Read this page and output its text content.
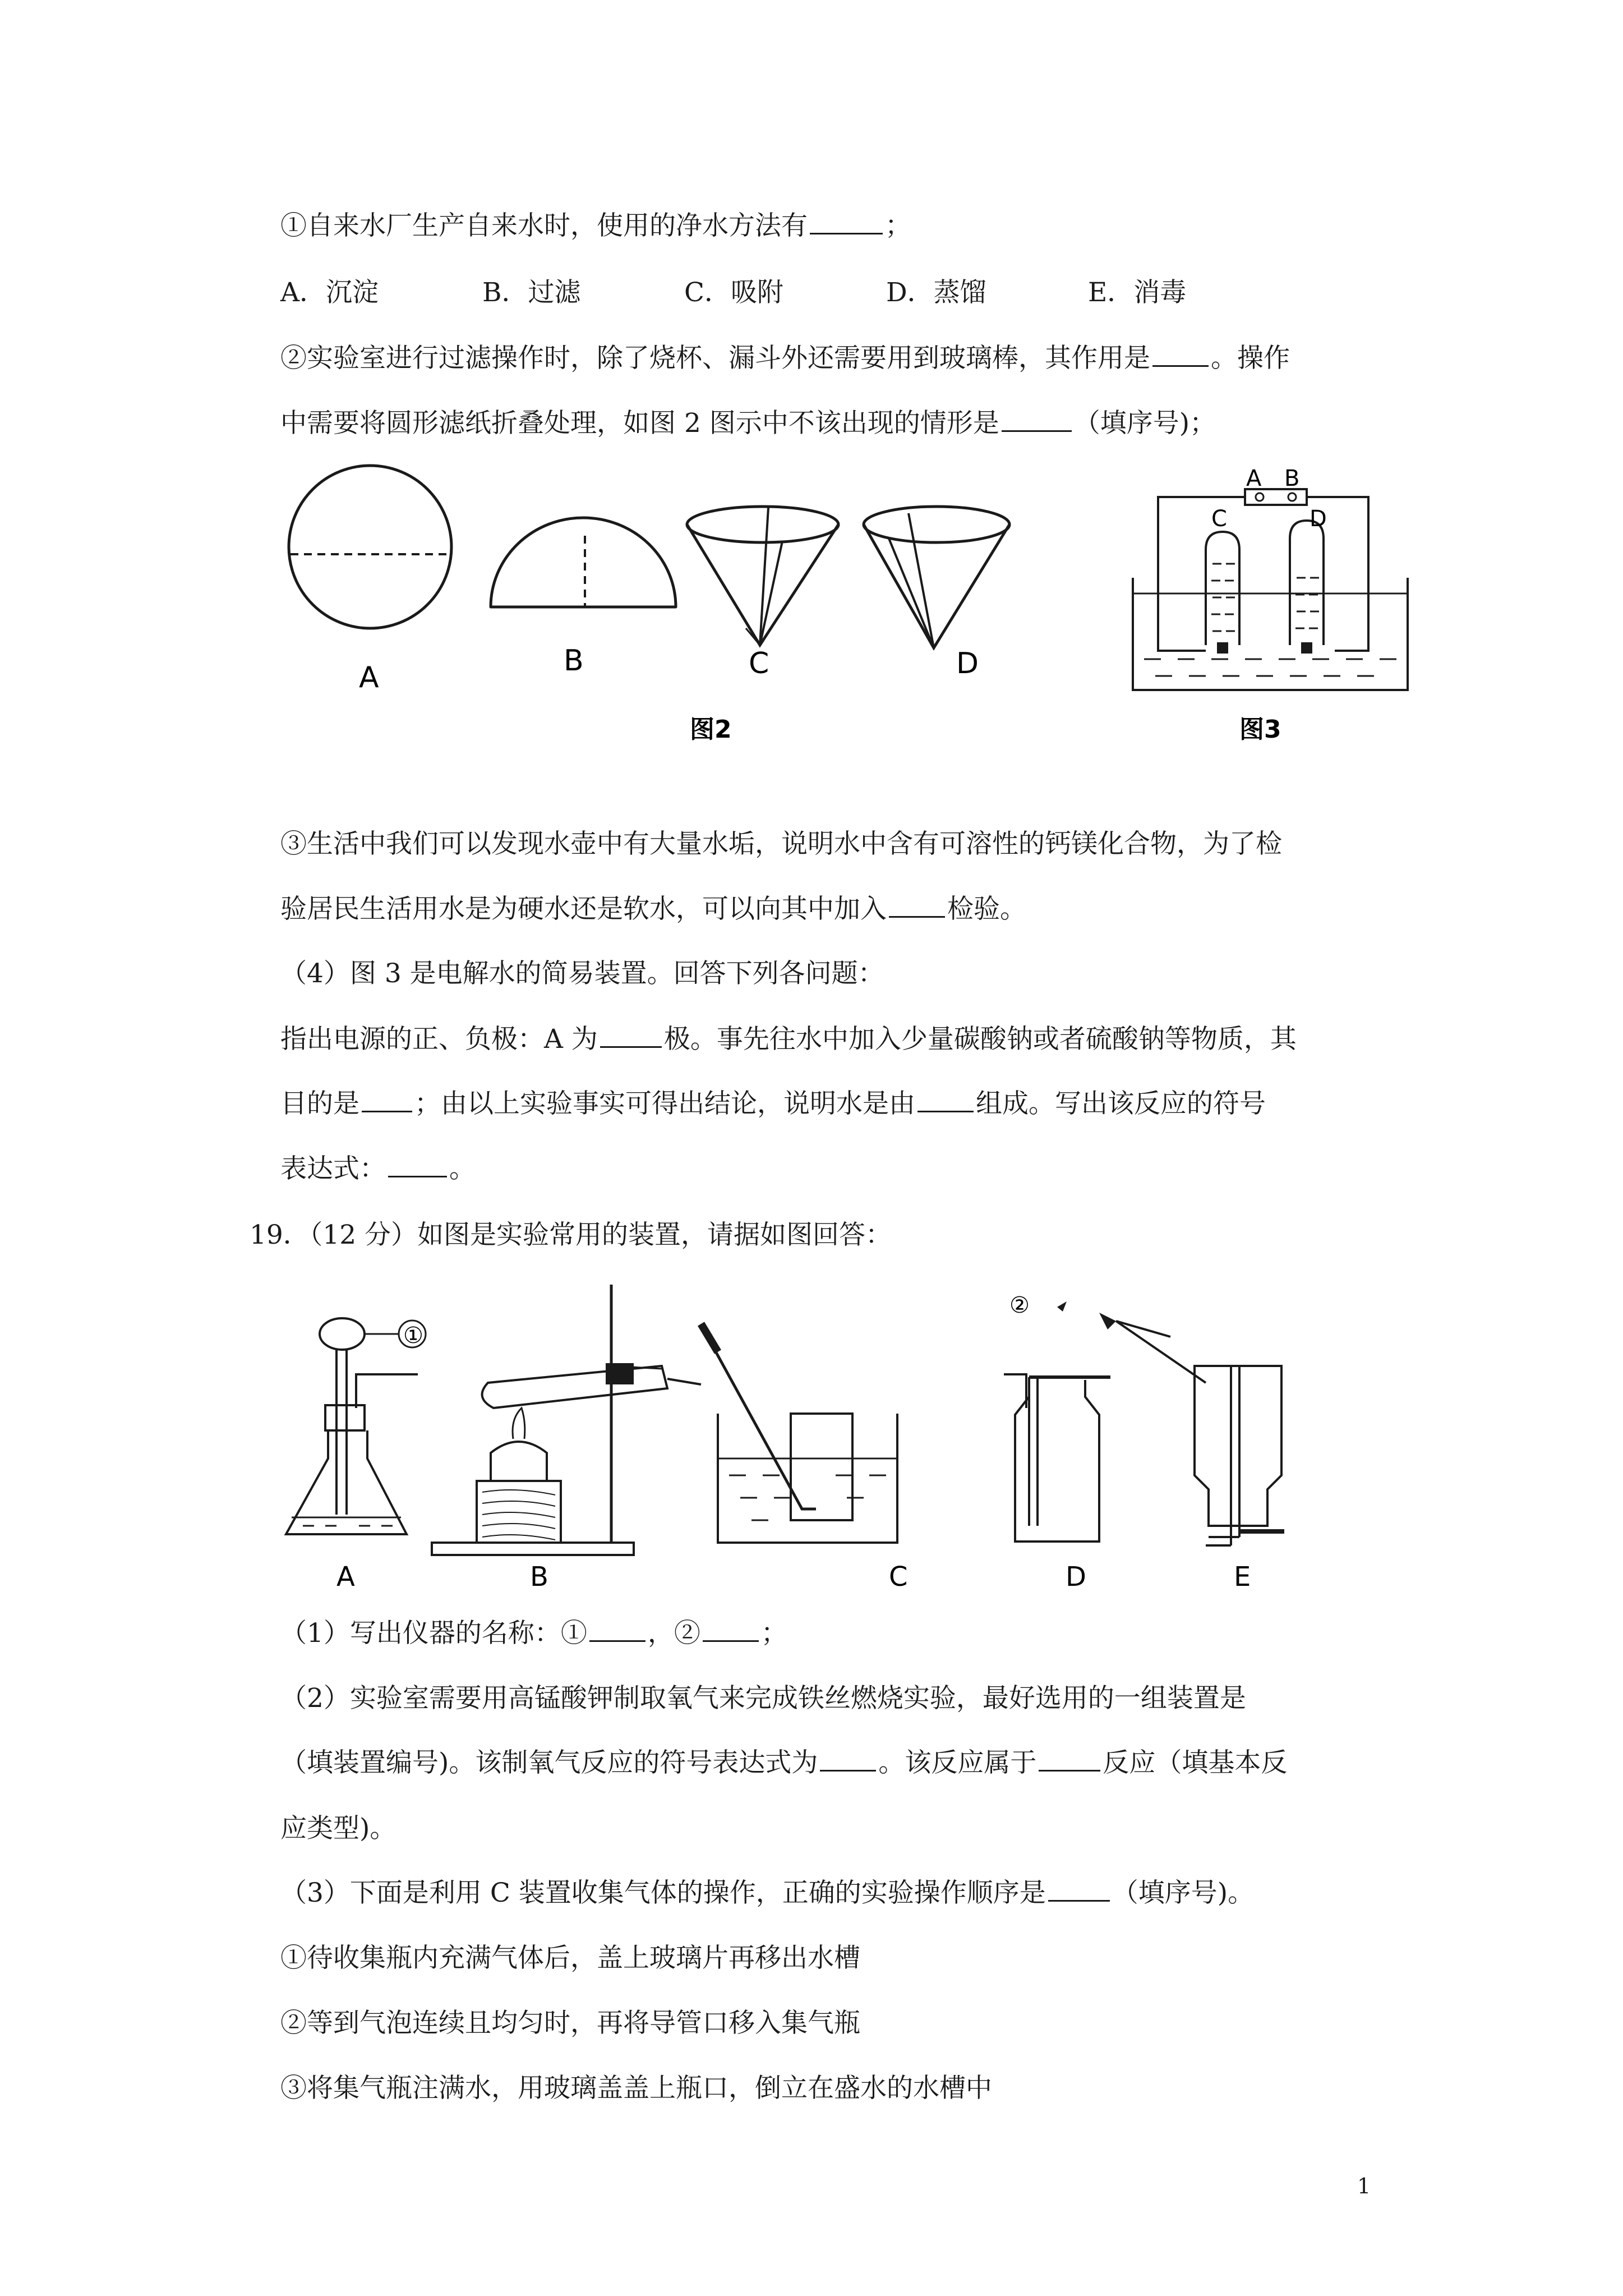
①自来水厂生产自来水时，使用的净水方法有	；
A．沉淀	B．过滤	C．吸附	D．蒸馏	E．消毒
②实验室进行过滤操作时，除了烧杯、漏斗外还需要用到玻璃棒，其作用是 。操作
中需要将圆形滤纸折叠处理，如图 2 图示中不该出现的情形是	（填序号)；
A	B	C	D
图2
A B
C	D
图3
③生活中我们可以发现水壶中有大量水垢，说明水中含有可溶性的钙镁化合物，为了检
验居民生活用水是为硬水还是软水，可以向其中加入 检验。
（4）图 3 是电解水的简易装置。回答下列各问题：
指出电源的正、负极：A 为	极。事先往水中加入少量碳酸钠或者硫酸钠等物质，其
目的是 ；由以上实验事实可得出结论，说明水是由 组成。写出该反应的符号
表达式： 。
19．（12 分）如图是实验常用的装置，请据如图回答：
①
②
A	B	C	D	E
（1）写出仪器的名称：① ，② ；
（2）实验室需要用高锰酸钾制取氧气来完成铁丝燃烧实验，最好选用的一组装置是
（填装置编号)。该制氧气反应的符号表达式为 。该反应属于	反应（填基本反
应类型)。
（3）下面是利用 C 装置收集气体的操作，正确的实验操作顺序是	（填序号)。
①待收集瓶内充满气体后，盖上玻璃片再移出水槽
②等到气泡连续且均匀时，再将导管口移入集气瓶
③将集气瓶注满水，用玻璃盖盖上瓶口，倒立在盛水的水槽中
1
